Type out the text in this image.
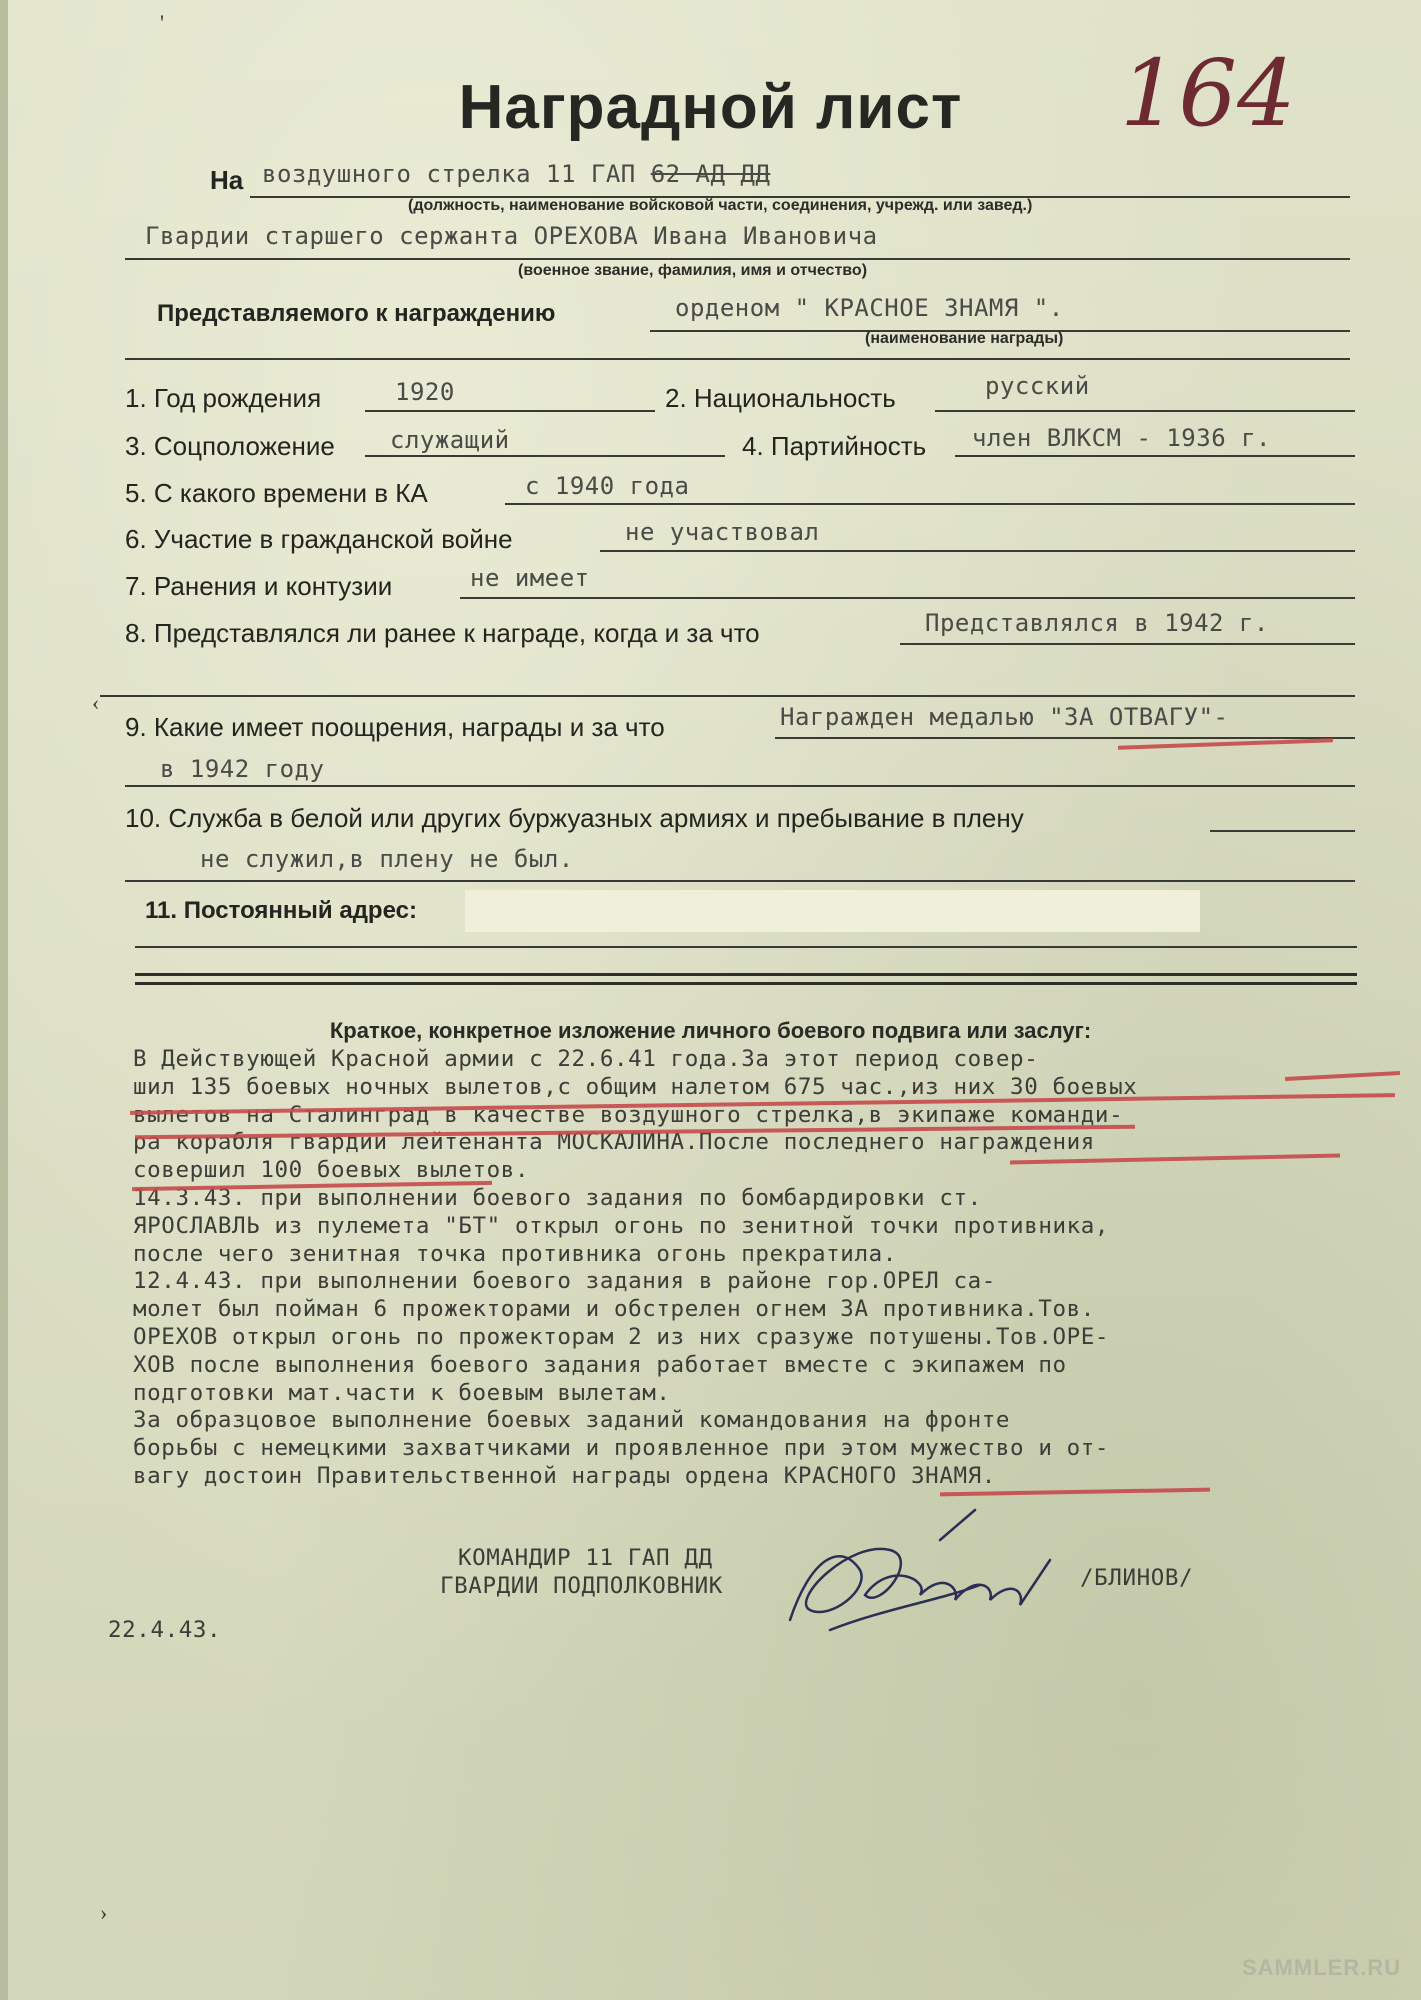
Наградной лист	164
На воздушного стрелка 11 ГАП 62 АД ДД
(должность, наименование войсковой части, соединения, учрежд. или завед.)
Гвардии старшего сержанта ОРЕХОВА Ивана Ивановича
(военное звание, фамилия, имя и отчество)
Представляемого к награждению	орденом " КРАСНОЕ ЗНАМЯ ".
(наименование награды)
1. Год рождения	1920	2. Национальность	русский
3. Соцположение служащий	4. Партийность член ВЛКСМ - 1936 г.
5. С какого времени в КА	с 1940 года
6. Участие в гражданской войне	не участвовал
7. Ранения и контузии	не имеет
8. Представлялся ли ранее к награде, когда и за что	Представлялся в 1942 г.
9. Какие имеет поощрения, награды и за что	Награжден медалью "ЗА ОТВАГУ"-
в 1942 году
10. Служба в белой или других буржуазных армиях и пребывание в плену
не служил,в плену не был.
11. Постоянный адрес:
Краткое, конкретное изложение личного боевого подвига или заслуг:
В Действующей Красной армии с 22.6.41 года.За этот период совер-
шил 135 боевых ночных вылетов,с общим налетом 675 час.,из них 30 боевых
вылетов на Сталинград в качестве воздушного стрелка,в экипаже команди-
ра корабля гвардии лейтенанта МОСКАЛИНА.После последнего награждения
совершил 100 боевых вылетов.
14.3.43. при выполнении боевого задания по бомбардировки ст.
ЯРОСЛАВЛЬ из пулемета "БТ" открыл огонь по зенитной точки противника,
после чего зенитная точка противника огонь прекратила.
12.4.43. при выполнении боевого задания в районе гор.ОРЕЛ са-
молет был пойман 6 прожекторами и обстрелен огнем ЗА противника.Тов.
ОРЕХОВ открыл огонь по прожекторам 2 из них сразуже потушены.Тов.ОРЕ-
ХОВ после выполнения боевого задания работает вместе с экипажем по
подготовки мат.части к боевым вылетам.
За образцовое выполнение боевых заданий командования на фронте
борьбы с немецкими захватчиками и проявленное при этом мужество и от-
вагу достоин Правительственной награды ордена КРАСНОГО ЗНАМЯ.
КОМАНДИР 11 ГАП ДД
ГВАРДИИ ПОДПОЛКОВНИК	/БЛИНОВ/
22.4.43.
'
‹
›
SAMMLER.RU
